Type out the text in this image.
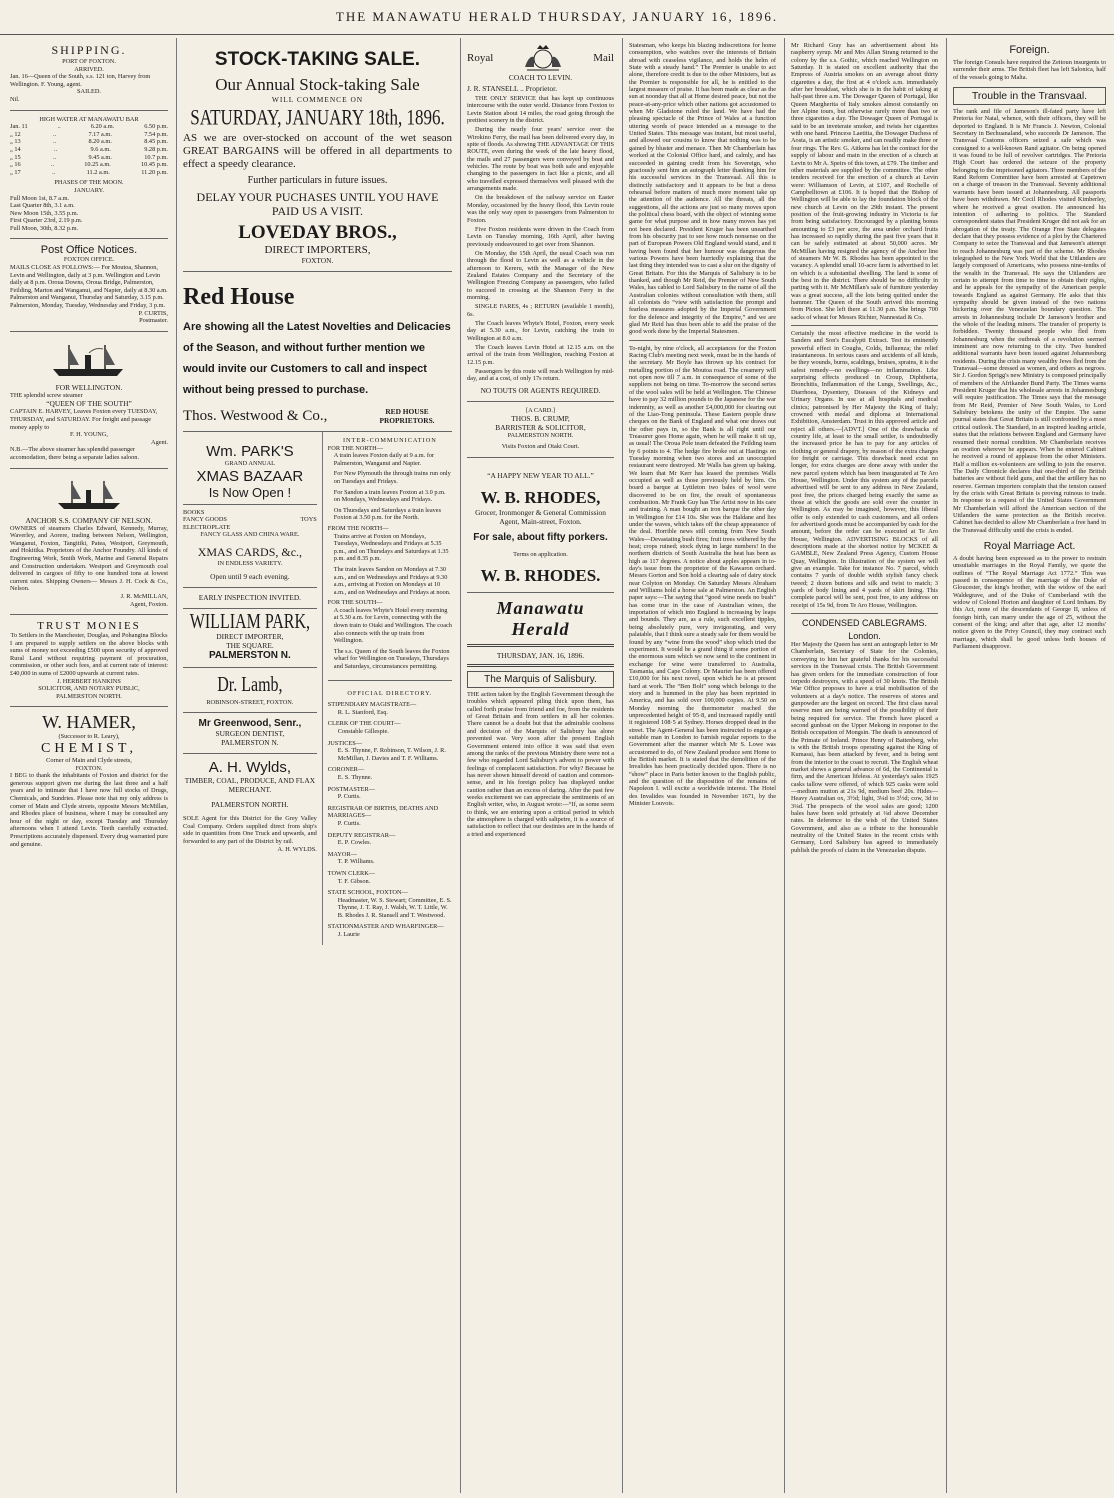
THE MANAWATU HERALD THURSDAY, JANUARY 16, 1896.
SHIPPING.
PORT OF FOXTON.
ARRIVED.
Jan. 16—Queen of the South, s.s. 121 ton, Harvey from Wellington. F. Young, agent.
SAILED.
Nil.
HIGH WATER AT MANAWATU BAR
Jan. 11	..	6.20 a.m.	6.50 p.m.
„ 12	..	7.17 a.m.	7.54 p.m.
„ 13	..	8.20 a.m.	8.45 p.m.
„ 14	..	9.6 a.m.	9.28 p.m.
„ 15	..	9.45 a.m.	10.7 p.m.
„ 16	..	10.25 a.m.	10.45 p.m.
„ 17	..	11.2 a.m.	11.20 p.m.
PHASES OF THE MOON.
JANUARY.
Full Moon 1st, 8.7 a.m.
Last Quarter 8th, 3.1 a.m.
New Moon 15th, 3.55 p.m.
First Quarter 23rd, 2.19 p.m.
Full Moon, 30th, 8.32 p.m.
Post Office Notices.
FOXTON OFFICE.
MAILS CLOSE AS FOLLOWS:— For Moutoa, Shannon, Levin and Wellington, daily at 3 p.m. Wellington and Levin daily at 8 p.m. Oroua Downs, Oroua Bridge, Palmerston, Feilding, Marton and Wanganui, and Napier, daily at 8.30 a.m. Palmerston and Wanganui, Thursday and Saturday, 3.15 p.m. Palmerston, Monday, Tuesday, Wednesday and Friday, 3 p.m.
P. CURTIS,
Postmaster.
FOR WELLINGTON.
THE splendid screw steamer
“QUEEN OF THE SOUTH”
CAPTAIN E. HARVEY, Leaves Foxton every TUESDAY, THURSDAY, and SATURDAY. For freight and passage money apply to
F. H. YOUNG,
Agent.
N.B.—The above steamer has splendid passenger accomodation, there being a separate ladies saloon.
ANCHOR S.S. COMPANY OF NELSON.
OWNERS of steamers Charles Edward, Kennedy, Murray, Waverley, and Aorere, trading between Nelson, Wellington, Wanganui, Foxton, Tangitiki, Patea, Westport, Greymouth, and Hokitika. Proprietors of the Anchor Foundry. All kinds of Engineering Work, Smith Work, Marine and General Repairs and Construction undertaken. Westport and Greymouth coal delivered in cargoes of fifty to one hundred tons at lowest current rates. Shipping Owners— Messrs J. H. Cock & Co., Nelson.
J. R. McMILLAN,
Agent, Foxton.
TRUST MONIES
To Settlers in the Manchester, Douglas, and Pohangina Blocks
I am prepared to supply settlers on the above blocks with sums of money not exceeding £500 upon security of approved Rural Land without requiring payment of procuration, commission, or other such fees, and at current rate of interest: £40,000 in sums of £2000 upwards at current rates.
J. HERBERT HANKINS
SOLICITOR, AND NOTARY PUBLIC,
PALMERSTON NORTH.
W. HAMER,
(Successor to R. Leary),
CHEMIST,
Corner of Main and Clyde streets,
FOXTON.
I BEG to thank the inhabitants of Foxton and district for the generous support given me during the last three and a half years and to intimate that I have now full stocks of Drugs, Chemicals, and Sundries. Please note that my only address is corner of Main and Clyde streets, opposite Messrs McMillan, and Rhodes place of business, where I may be consulted any hour of the night or day, except Tuesday and Thursday afternoons when I attend Levin. Teeth carefully extracted. Prescriptions accurately dispensed. Every drug warranted pure and genuine.
STOCK-TAKING SALE.
Our Annual Stock-taking Sale
WILL COMMENCE ON
SATURDAY, JANUARY 18th, 1896.
AS we are over-stocked on account of the wet season GREAT BARGAINS will be offered in all departments to effect a speedy clearance.
Further particulars in future issues.
DELAY YOUR PUCHASES UNTIL YOU HAVE PAID US A VISIT.
LOVEDAY BROS.,
DIRECT IMPORTERS,
FOXTON.
Red House
Are showing all the Latest Novelties and Delicacies of the Season, and without further mention we would invite our Customers to call and inspect without being pressed to purchase.
Thos. Westwood & Co.,	RED HOUSE PROPRIETORS.
Wm. PARK'S
GRAND ANNUAL
XMAS BAZAAR
Is Now Open !
BOOKS
FANCY GOODS	TOYS
ELECTROPLATE
FANCY GLASS AND CHINA WARE.
XMAS CARDS, &c.,
IN ENDLESS VARIETY.
Open until 9 each evening.
EARLY INSPECTION INVITED.
WILLIAM PARK,
DIRECT IMPORTER,
THE SQUARE.
PALMERSTON N.
Dr. Lamb,
ROBINSON-STREET, FOXTON.
Mr Greenwood, Senr.,
SURGEON DENTIST,
PALMERSTON N.
A. H. Wylds,
TIMBER, COAL, PRODUCE, AND FLAX MERCHANT.
PALMERSTON NORTH.
SOLE Agent for this District for the Grey Valley Coal Company. Orders supplied direct from ship's side in quantities from One Truck and upwards, and forwarded to any part of the District by rail.
A. H. WYLDS.
INTER-COMMUNICATION
FOR THE NORTH—
A train leaves Foxton daily at 9 a.m. for Palmerston, Wanganui and Napier.
For New Plymouth the through trains run only on Tuesdays and Fridays.
For Sandon a train leaves Foxton at 3.0 p.m. on Mondays, Wednesdays and Fridays.
On Thursdays and Saturdays a train leaves Foxton at 3.50 p.m. for the North.
FROM THE NORTH—
Trains arrive at Foxton on Mondays, Tuesdays, Wednesdays and Fridays at 5.35 p.m., and on Thursdays and Saturdays at 1.35 p.m. and 8.35 p.m.
The train leaves Sandon on Mondays at 7.30 a.m., and on Wednesdays and Fridays at 9.30 a.m., arriving at Foxton on Mondays at 10 a.m., and on Wednesdays and Fridays at noon.
FOR THE SOUTH—
A coach leaves Whyte's Hotel every morning at 5.30 a.m. for Levin, connecting with the down train to Otaki and Wellington. The coach also connects with the up train from Wellington.
The s.s. Queen of the South leaves the Foxton wharf for Wellington on Tuesdays, Thursdays and Saturdays, circumstances permitting.
OFFICIAL DIRECTORY.
STIPENDIARY MAGISTRATE—
R. L. Stanford, Esq.
CLERK OF THE COURT—
Constable Gillespie.
JUSTICES—
E. S. Thynne, F. Robinson, T. Wilson, J. R. McMillan, J. Davies and T. F. Williams.
CORONER—
E. S. Thynne.
POSTMASTER—
P. Curtis.
REGISTRAR OF BIRTHS, DEATHS AND MARRIAGES—
P. Curtis.
DEPUTY REGISTRAR—
E. P. Cowles.
MAYOR—
T. P. Williams.
TOWN CLERK—
T. F. Gibson.
STATE SCHOOL, FOXTON—
Headmaster, W. S. Stewart; Committee, E. S. Thynne, J. T. Ray, J. Walsh, W. T. Little, W. B. Rhodes J. R. Stansell and T. Westwood.
STATIONMASTER AND WHARFINGER—
J. Laurie
Royal	Mail
COACH TO LEVIN.
J. R. STANSELL .. Proprietor.

THE ONLY SERVICE that has kept up continuous intercourse with the outer world. Distance from Foxton to Levin Station about 14 miles, the road going through the prettiest scenery in the district.

During the nearly four years' service over the Wirokino Ferry, the mail has been delivered every day, in spite of floods. As showing THE ADVANTAGE OF THIS ROUTE, even during the week of the late heavy flood, the mails and 27 passengers were conveyed by boat and vehicles. The route by boat was both safe and enjoyable changing to the passengers in fact like a picnic, and all who travelled expressed themselves well pleased with the arrangements made.

On the breakdown of the railway service on Easter Monday, occasioned by the heavy flood, this Levin route was the only way open to passengers from Palmerston to Foxton.

Five Foxton residents were driven in the Coach from Levin on Tuesday morning, 16th April, after having previously endeavoured to get over from Shannon.

On Monday, the 15th April, the usual Coach was run through the flood to Levin as well as a vehicle in the afternoon to Kereru, with the Manager of the New Zealand Estates Company and the Secretary of the Wellington Freezing Company as passengers, who failed to succeed in crossing at the Shannon Ferry in the morning.

SINGLE FARES, 4s ; RETURN (available 1 month), 6s.

The Coach leaves Whyte's Hotel, Foxton, every week day at 5.30 a.m., for Levin, catching the train to Wellington at 8.0 a.m.

The Coach leaves Levin Hotel at 12.15 a.m. on the arrival of the train from Wellington, reaching Foxton at 12.15 p.m.

Passengers by this route will reach Wellington by mid-day, and at a cost, of only 17s return.

NO TOUTS OR AGENTS REQUIRED.
[A CARD.]
THOS. B. CRUMP,
BARRISTER & SOLICITOR,
PALMERSTON NORTH.
Visits Foxton and Otaki Court.
“A HAPPY NEW YEAR TO ALL.”
W. B. RHODES,
Grocer, Ironmonger & General Commission Agent, Main-street, Foxton.
For sale, about fifty porkers.
Terms on application.
W. B. RHODES.
Manawatu Herald
THURSDAY, JAN. 16, 1896.
The Marquis of Salisbury.
THE action taken by the English Government through the troubles which appeared piling thick upon them, has called forth praise from friend and foe, from the residents of Great Britain and from settlers in all her colonies. There cannot be a doubt but that the admirable coolness and decision of the Marquis of Salisbury has alone prevented war. Very soon after the present English Government entered into office it was said that even among the ranks of the previous Ministry there were not a few who regarded Lord Salisbury's advent to power with feelings of complacent satisfaction. For why? Because he has never shown himself devoid of caution and common-sense, and in his foreign policy has displayed undue caution rather than an excess of daring. After the past few weeks excitement we can appreciate the sentiments of an English writer, who, in August wrote:—“If, as some seem to think, we are entering upon a critical period in which the atmosphere is charged with saltpetre, it is a source of satisfaction to reflect that our destinies are in the hands of a tried and experienced
Statesman, who keeps his blazing indiscretions for home consumption, who watches over the interests of Britain abroad with ceaseless vigilance, and holds the helm of State with a steady hand.” The Premier is unable to act alone, therefore credit is due to the other Ministers, but as the Premier is responsible for all, he is entitled to the largest measure of praise. It has been made as clear as the sun at noonday that all at Home desired peace, but not the peace-at-any-price which other nations got accustomed to when Mr Gladstone ruled the land. We have had the pleasing spectacle of the Prince of Wales at a function uttering words of peace intended as a message to the United States. This message was instant, but most useful, and allowed our cousins to know that nothing was to be gained by bluster and menace. Then Mr Chamberlain has worked at the Colonial Office hard, and calmly, and has succeeded in gaining credit from his Sovereign, who graciously sent him an autograph letter thanking him for his successful services in the Transvaal. All this is distinctly satisfactory and it appears to be but a dress rehearsal before matters of much more moment take up the attention of the audience. All the threats, all the suggestions, all the actions are just so many moves upon the political chess board, with the object of winning some game for what purpose and in how many moves has yet not been declared. President Kruger has been unearthed from his obscurity just to see how much nonsense on the part of European Powers Old England would stand, and it having been found that her humour was dangerous the various Powers have been hurriedly explaining that the last thing they intended was to cast a slur on the dignity of Great Britain. For this the Marquis of Salisbury is to be thanked, and though Mr Reid, the Premier of New South Wales, has cabled to Lord Salisbury in the name of all the Australian colonies without consultation with them, still all colonists do “view with satisfaction the prompt and fearless measures adopted by the Imperial Government for the defence and integrity of the Empire,” and we are glad Mr Reid has thus been able to add the praise of the good work done by the Imperial Statesmen.
To-night, by nine o'clock, all acceptances for the Foxton Racing Club's meeting next week, must be in the hands of the secretary. Mr Boyle has thrown up his contract for metalling portion of the Moutoa road. The creamery will not open now till 7 a.m. in consequence of some of the suppliers not being on time. To-morrow the second series of the wool sales will be held at Wellington. The Chinese have to pay 32 million pounds to the Japanese for the war indemnity, as well as another £4,000,000 for clearing out of the Liao-Tong peninsula. These Eastern people draw cheques on the Bank of England and what one draws out the other pays in, so the Bank is all right until our Treasurer goes Home again, when he will make it sit up, as usual! The Oroua Pole team defeated the Feilding team by 6 points to 4. The hedge fire broke out at Hastings on Tuesday morning when two stores and an unoccupied restaurant were destroyed. Mr Walls has given up baking. We learn that Mr Kerr has leased the premises Walls occupied as well as those previously held by him. On board a barque at Lyttleton two bales of wool were discovered to be on fire, the result of spontaneous combustion. Mr Frank Guy has The Artist now in his care and training. A man bought an iron barque the other day in Wellington for £14 10s. She was the Haldane and lies under the waves, which takes off the cheap appearance of the deal. Horrible news still coming from New South Wales—Devastating bush fires; fruit trees withered by the heat; crops ruined; stock dying in large numbers! In the northern districts of South Australia the heat has been as high as 117 degrees. A notice about apples appears in to-day's issue from the proprietor of the Kawaron orchard. Messrs Gorton and Son hold a clearing sale of dairy stock near Colyton on Monday. On Saturday Messrs Abraham and Williams hold a horse sale at Palmerston. An English paper says:—The saying that “good wine needs no bush” has come true in the case of Australian wines, the importation of which into England is increasing by leaps and bounds. They are, as a rule, such excellent tipples, being absolutely pure, very invigorating, and very palatable, that I think sure a steady sale for them would be found by any “wine from the wood” shop which tried the experiment. It would be a grand thing if some portion of the enormous sum which we now send to the continent in exchange for wine were transferred to Australia, Tasmania, and Cape Colony. Dr Maurier has been offered £10,000 for his next novel, upon which he is at present hard at work. The “Ben Bolt” song which belongs to the story and is hummed in the play has been reprinted in America, and has sold over 100,000 copies. At 9.50 on Monday morning the thermometer reached the unprecedented height of 95·8, and increased rapidly until it registered 108·5 at Sydney. Horses dropped dead in the street. The Agent-General has been instructed to engage a suitable man in London to furnish regular reports to the Government after the manner which Mr S. Lowe was accustomed to do, of New Zealand produce sent Home to the British market. It is stated that the demolition of the Invalides has been practically decided upon. There is no “show” place in Paris better known to the English public, and the question of the disposition of the remains of Napoleon I. will excite a worldwide interest. The Hotel des Invalides was founded in November 1671, by the Minister Louvois.
Mr Richard Gray has an advertisement about his raspberry syrup. Mr and Mrs Allan Strang returned to the colony by the s.s. Gothic, which reached Wellington on Saturday. It is stated on excellent authority that the Empress of Austria smokes on an average about thirty cigarettes a day, the first at 4 o'clock a.m. immediately after her breakfast, which she is in the habit of taking at half-past three a.m. The Dowager Queen of Portugal, like Queen Margherita of Italy smokes almost constantly on her Alpine tours, but otherwise rarely more than two or three cigarettes a day. The Dowager Queen of Portugal is said to be an inveterate smoker, and twists her cigarettes with one hand. Princess Laetitia, the Dowager Duchess of Aosta, is an artistic smoker, and can readily make three or four rings. The Rev. G. Aitkens has let the contract for the supply of labour and main in the erection of a church at Levin to Mr A. Speirs of this town, at £79. The timber and other materials are supplied by the committee. The other tenders received for the erection of a church at Levin were: Williamson of Levin, at £107, and Rochelle of Campbelltown at £106. It is hoped that the Bishop of Wellington will be able to lay the foundation block of the new church at Levin on the 29th instant. The present position of the fruit-growing industry in Victoria is far from being satisfactory. Encouraged by a planting bonus amounting to £3 per acre, the area under orchard fruits has increased so rapidly during the past five years that it can be safely estimated at about 50,000 acres. Mr McMillan having resigned the agency of the Anchor line of steamers Mr W. B. Rhodes has been appointed to the vacancy. A splendid small 10-acre farm is advertised to let on which is a substantial dwelling. The land is some of the best in the district. There should be no difficulty in parting with it. Mr McMillan's sale of furniture yesterday was a great success, all the lots being quitted under the hammer. The Queen of the South arrived this morning from Picton. She left there at 11.30 p.m. She brings 700 sacks of wheat for Messrs Richter, Nannestad & Co.
Certainly the most effective medicine in the world is Sanders and Son's Eucalypti Extract. Test its eminently powerful effect in Coughs, Colds, Influenza; the relief instantaneous. In serious cases and accidents of all kinds, be they wounds, burns, scaldings, bruises, sprains, it is the safest remedy—no swellings—no inflammation. Like surprising effects produced in Croup, Diphtheria, Bronchitis, Inflammation of the Lungs, Swellings, &c., Diarrhoea, Dysentery, Diseases of the Kidneys and Urinary Organs. In use at all hospitals and medical clinics; patronised by Her Majesty the King of Italy; crowned with medal and diploma at International Exhibition, Amsterdam. Trust in this approved article and reject all others.—[ADVT.] One of the drawbacks of country life, at least to the small settler, is undoubtedly the increased price he has to pay for any articles of clothing or general drapery, by reason of the extra charges for freight or carriage. This drawback need exist no longer, for extra charges are done away with under the new parcel system which has been inaugurated at Te Aro House, Wellington. Under this system any of the parcels advertised will be sent to any address in New Zealand, post free, the prices charged being exactly the same as those at which the goods are sold over the counter in Wellington. As may be imagined, however, this liberal offer is only extended to cash customers, and all orders for advertised goods must be accompanied by cash for the amount, before the order can be executed at Te Aro House, Wellington. ADVERTISING BLOCKS of all descriptions made at the shortest notice by MCKEE & GAMBLE, New Zealand Press Agency, Custom House Quay, Wellington. In illustration of the system we will give an example. Take for instance No. 7 parcel, which contains 7 yards of double width stylish fancy check tweed; 2 dozen buttons and silk and twist to match; 3 yards of body lining and 4 yards of skirt lining. This complete parcel will be sent, post free, to any address on receipt of 15s 9d, from Te Aro House, Wellington.
CONDENSED CABLEGRAMS.
London.
Her Majesty the Queen has sent an autograph letter to Mr Chamberlain, Secretary of State for the Colonies, conveying to him her grateful thanks for his successful services in the Transvaal crisis. The British Government has given orders for the immediate construction of four torpedo destroyers, with a speed of 30 knots. The British War Office proposes to have a trial mobilisation of the volunteers at a day's notice. The reserves of stores and gunpowder are the largest on record. The first class naval reserve men are being warned of the possibility of their being required for service. The French have placed a second gunboat on the Upper Mekong in response to the British occupation of Mongsin. The death is announced of the Primate of Ireland. Prince Henry of Battenberg, who is with the British troops operating against the King of Kumassi, has been attacked by fever, and is being sent from the interior to the coast to recruit. The English wheat market shows a general advance of 6d, the Continental is firm, and the American lifeless. At yesterday's sales 1925 casks tallow were offered, of which 925 casks were sold—medium mutton at 21s 9d, medium beef 20s. Hides—Heavy Australian ox, 3½d; light, 3¼d to 3½d; cow, 3d to 3¼d. The prospects of the wool sales are good; 1200 bales have been sold privately at ¼d above December rates. In deference to the wish of the United States Government, and also as a tribute to the honourable neutrality of the United States in the recent crisis with Germany, Lord Salisbury has agreed to immediately publish the proofs of claim in the Venezuelan dispute.
Foreign.
The foreign Consuls have required the Zeitoun insurgents to surrender their arms. The British fleet has left Salonica, half of the vessels going to Malta.
Trouble in the Transvaal.
The rank and file of Jameson's ill-fated party have left Pretoria for Natal, whence, with their officers, they will be deported to England. It is Mr Francis J. Newton, Colonial Secretary in Bechuanaland, who succeeds Dr Jameson. The Transvaal Customs officers seized a safe which was consigned to a well-known Rand agitator. On being opened it was found to be full of revolver cartridges. The Pretoria High Court has ordered the seizure of the property belonging to the imprisoned agitators. Three members of the Rand Reform Committee have been arrested at Capetown on a charge of treason in the Transvaal. Seventy additional warrants have been issued at Johannesburg. All passports have been withdrawn. Mr Cecil Rhodes visited Kimberley, where he received a great ovation. He announced his intention of adhering to politics. The Standard correspondent states that President Kruger did not ask for an abrogation of the treaty. The Orange Free State delegates declare that they possess evidence of a plot by the Chartered Company to seize the Transvaal and that Jameson's attempt to reach Johannesburg was part of the scheme. Mr Rhodes telegraphed to the New York World that the Uitlanders are largely composed of Americans, who possess nine-tenths of the wealth in the Transvaal. He says the Uitlanders are certain to attempt from time to time to obtain their rights, and he appeals for the sympathy of the American people towards England as against Germany. He asks that this sympathy should be given instead of the two nations bickering over the Venezuelan boundary question. The arrests in Johannesburg include Dr Jameson's brother and the whole of the leading miners. The transfer of property is forbidden. Twenty thousand people who fled from Johannesburg when the outbreak of a revolution seemed imminent are now returning to the city. Two hundred additional warrants have been issued against Johannesburg residents. During the crisis many wealthy Jews fled from the Transvaal—some dressed as women, and others as negroes. Sir J. Gordon Sprigg's new Ministry is composed principally of members of the Afrikander Bund Party. The Times warns President Kruger that his wholesale arrests in Johannesburg will require justification. The Times says that the message from Mr Reid, Premier of New South Wales, to Lord Salisbury betokens the unity of the Empire. The same journal states that Great Britain is still confronted by a most critical outlook. The Standard, in an inspired leading article, states that the relations between England and Germany have resumed their normal condition. Mr Chamberlain receives an ovation wherever he appears. When he entered Cabinet he received a round of applause from the other Ministers. Half a million ex-volunteers are willing to join the reserve. The Daily Chronicle declares that one-third of the British batteries are without field guns, and that the artillery has no reserve. German importers complain that the tension caused by the crisis with Great Britain is proving ruinous to trade. In response to a request of the United States Government Mr Chamberlain will afford the American section of the Uitlanders the same protection as the British receive. Cabinet has decided to allow Mr Chamberlain a free hand in the Transvaal difficulty until the crisis is ended.
Royal Marriage Act.
A doubt having been expressed as to the power to restrain unsuitable marriages in the Royal Family, we quote the outlines of “The Royal Marriage Act 1772.” This was passed in consequence of the marriage of the Duke of Gloucester, the king's brother, with the widow of the earl Waldegrave, and of the Duke of Cumberland with the widow of Colonel Horton and daughter of Lord Irnham. By this Act, none of the descendants of George II, unless of foreign birth, can marry under the age of 25, without the consent of the king; and after that age, after 12 months' notice given to the Privy Council, they may contract such marriage, which shall be good unless both houses of Parliament disapprove.
